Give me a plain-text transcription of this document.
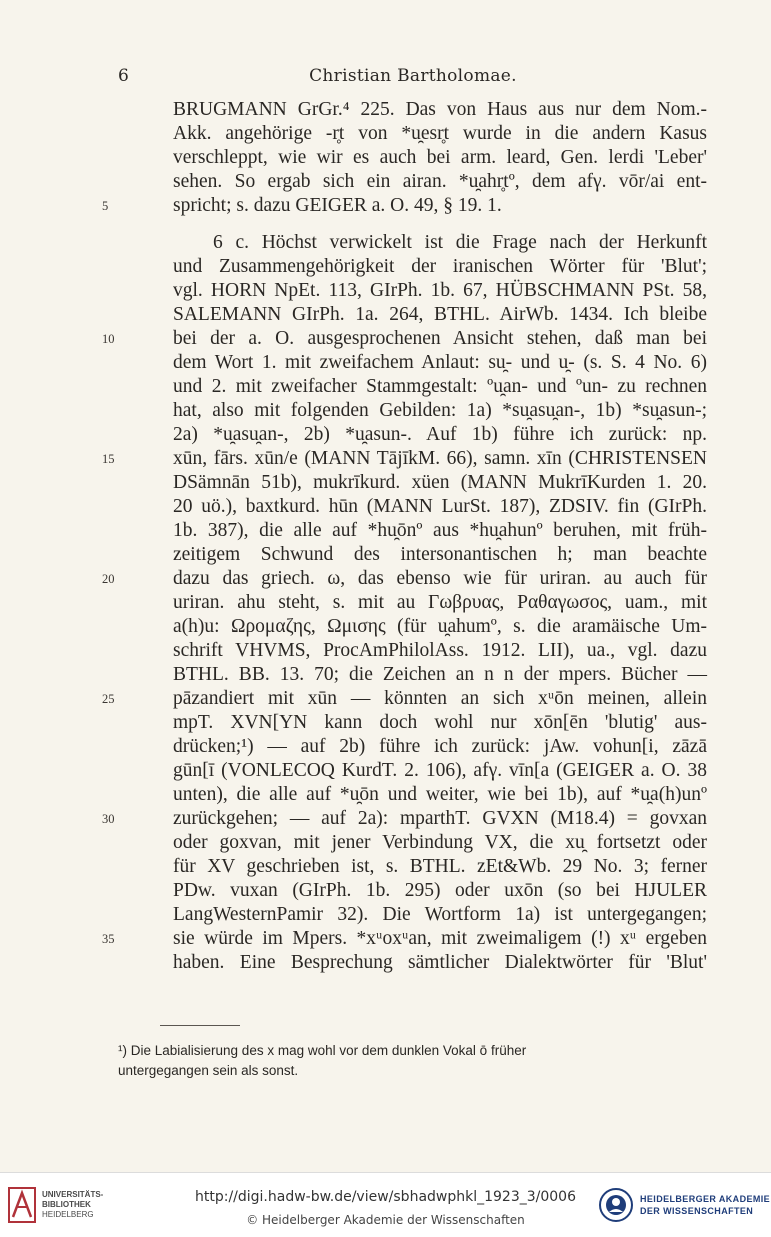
6	Christian Bartholomae.
BRUGMANN GrGr.⁴ 225. Das von Haus aus nur dem Nom.-
Akk. angehörige -r̥t von *u̯esr̥t wurde in die andern Kasus
verschleppt, wie wir es auch bei arm. leard, Gen. lerdi 'Leber'
sehen. So ergab sich ein airan. *u̯ahr̥tº, dem afγ. vōr/ai ent-
spricht; s. dazu GEIGER a. O. 49, § 19. 1.
6 c. Höchst verwickelt ist die Frage nach der Herkunft
und Zusammengehörigkeit der iranischen Wörter für 'Blut';
vgl. HORN NpEt. 113, GIrPh. 1b. 67, HÜBSCHMANN PSt. 58,
SALEMANN GIrPh. 1a. 264, BTHL. AirWb. 1434. Ich bleibe
bei der a. O. ausgesprochenen Ansicht stehen, daß man bei
dem Wort 1. mit zweifachem Anlaut: su̯- und u̯- (s. S. 4 No. 6)
und 2. mit zweifacher Stammgestalt: ºu̯an- und ºun- zu rechnen
hat, also mit folgenden Gebilden: 1a) *su̯asu̯an-, 1b) *su̯asun-;
2a) *u̯asu̯an-, 2b) *u̯asun-. Auf 1b) führe ich zurück: np.
xūn, fārs. xūn/e (MANN TājīkM. 66), samn. xīn (CHRISTENSEN
DSämnān 51b), mukrīkurd. xüen (MANN MukrīKurden 1. 20.
20 uö.), baxtkurd. hūn (MANN LurSt. 187), ZDSIV. fin (GIrPh.
1b. 387), die alle auf *hu̯ōnº aus *hu̯ahunº beruhen, mit früh-
zeitigem Schwund des intersonantischen h; man beachte
dazu das griech. ω, das ebenso wie für uriran. au auch für
uriran. ahu steht, s. mit au Γωβρυας, Ραθαγωσος, uam., mit
a(h)u: Ωρομαζης, Ωμισης (für u̯ahumº, s. die aramäische Um-
schrift VHVMS, ProcAmPhilolAss. 1912. LII), ua., vgl. dazu
BTHL. BB. 13. 70; die Zeichen an n n der mpers. Bücher —
pāzandiert mit xūn — könnten an sich xᵘōn meinen, allein
mpT. XVN[YN kann doch wohl nur xōn[ēn 'blutig' aus-
drücken;¹) — auf 2b) führe ich zurück: jAw. vohun[i, zāzā
gūn[ī (VONLECOQ KurdT. 2. 106), afγ. vīn[a (GEIGER a. O. 38
unten), die alle auf *u̯ōn und weiter, wie bei 1b), auf *u̯a(h)unº
zurückgehen; — auf 2a): mparthT. GVXN (M18.4) = govxan
oder goxvan, mit jener Verbindung VX, die xu̯ fortsetzt oder
für XV geschrieben ist, s. BTHL. zEt&Wb. 29 No. 3; ferner
PDw. vuxan (GIrPh. 1b. 295) oder uxōn (so bei HJULER
LangWesternPamir 32). Die Wortform 1a) ist untergegangen;
sie würde im Mpers. *xᵘoxᵘan, mit zweimaligem (!) xᵘ ergeben
haben. Eine Besprechung sämtlicher Dialektwörter für 'Blut'
5
10
15
20
25
30
35
¹) Die Labialisierung des x mag wohl vor dem dunklen Vokal ō früher
untergegangen sein als sonst.
UNIVERSITÄTS-
BIBLIOTHEK
HEIDELBERG
http://digi.hadw-bw.de/view/sbhadwphkl_1923_3/0006
© Heidelberger Akademie der Wissenschaften
HEIDELBERGER AKADEMIE
DER WISSENSCHAFTEN
